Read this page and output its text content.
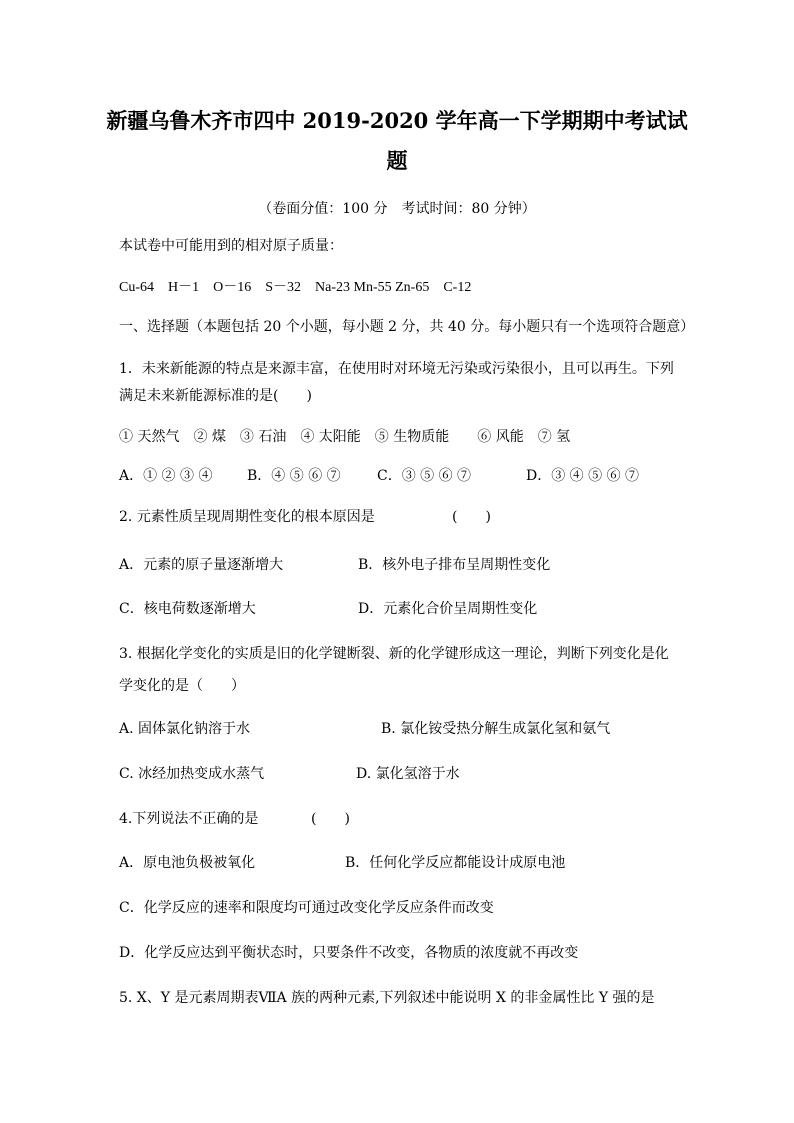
新疆乌鲁木齐市四中 2019-2020 学年高一下学期期中考试试
题
（卷面分值：100 分　考试时间：80 分钟）
本试卷中可能用到的相对原子质量：
Cu-64　H－1　O－16　S－32　Na-23 Mn-55 Zn-65　C-12
一、选择题（本题包括 20 个小题，每小题 2 分，共 40 分。每小题只有一个选项符合题意）
1．未来新能源的特点是来源丰富，在使用时对环境无污染或污染很小，且可以再生。下列
满足未来新能源标准的是(　　)
① 天然气　② 煤　③ 石油　④ 太阳能　⑤ 生物质能　　⑥ 风能　⑦ 氢
A．① ② ③ ④ B．④ ⑤ ⑥ ⑦	C．③ ⑤ ⑥ ⑦	D．③ ④ ⑤ ⑥ ⑦
2. 元素性质呈现周期性变化的根本原因是	(　　)
A．元素的原子量逐渐增大	B．核外电子排布呈周期性变化
C．核电荷数逐渐增大	D．元素化合价呈周期性变化
3. 根据化学变化的实质是旧的化学键断裂、新的化学键形成这一理论，判断下列变化是化
学变化的是（　　）
A. 固体氯化钠溶于水	B. 氯化铵受热分解生成氯化氢和氨气
C. 冰经加热变成水蒸气	D. 氯化氢溶于水
4.下列说法不正确的是	(　　)
A．原电池负极被氧化	B．任何化学反应都能设计成原电池
C．化学反应的速率和限度均可通过改变化学反应条件而改变
D．化学反应达到平衡状态时，只要条件不改变，各物质的浓度就不再改变
5. X、Y 是元素周期表ⅦA 族的两种元素,下列叙述中能说明 X 的非金属性比 Y 强的是
